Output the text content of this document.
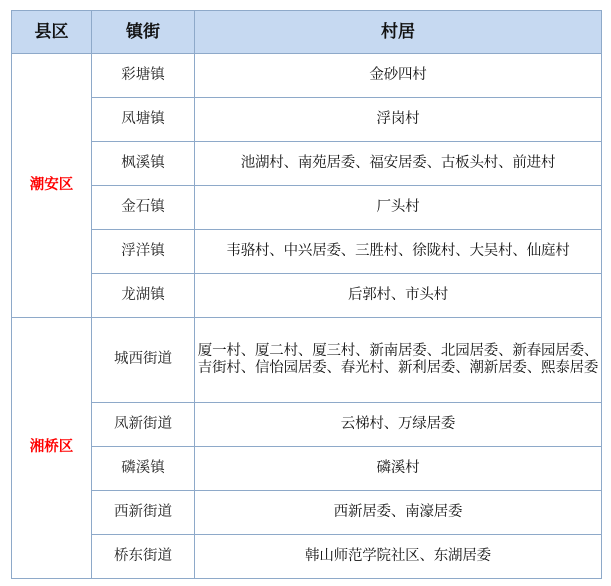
县区	镇街	村居
潮安区	彩塘镇	金砂四村
	凤塘镇	浮岗村
	枫溪镇	池湖村、南苑居委、福安居委、古板头村、前进村
	金石镇	厂头村
	浮洋镇	韦骆村、中兴居委、三胜村、徐陇村、大吴村、仙庭村
	龙湖镇	后郭村、市头村
湘桥区	城西街道	厦一村、厦二村、厦三村、新南居委、北园居委、新春园居委、
吉街村、信怡园居委、春光村、新利居委、潮新居委、熙泰居委

	凤新街道	云梯村、万绿居委
	磷溪镇	磷溪村
	西新街道	西新居委、南濠居委
	桥东街道	韩山师范学院社区、东湖居委
